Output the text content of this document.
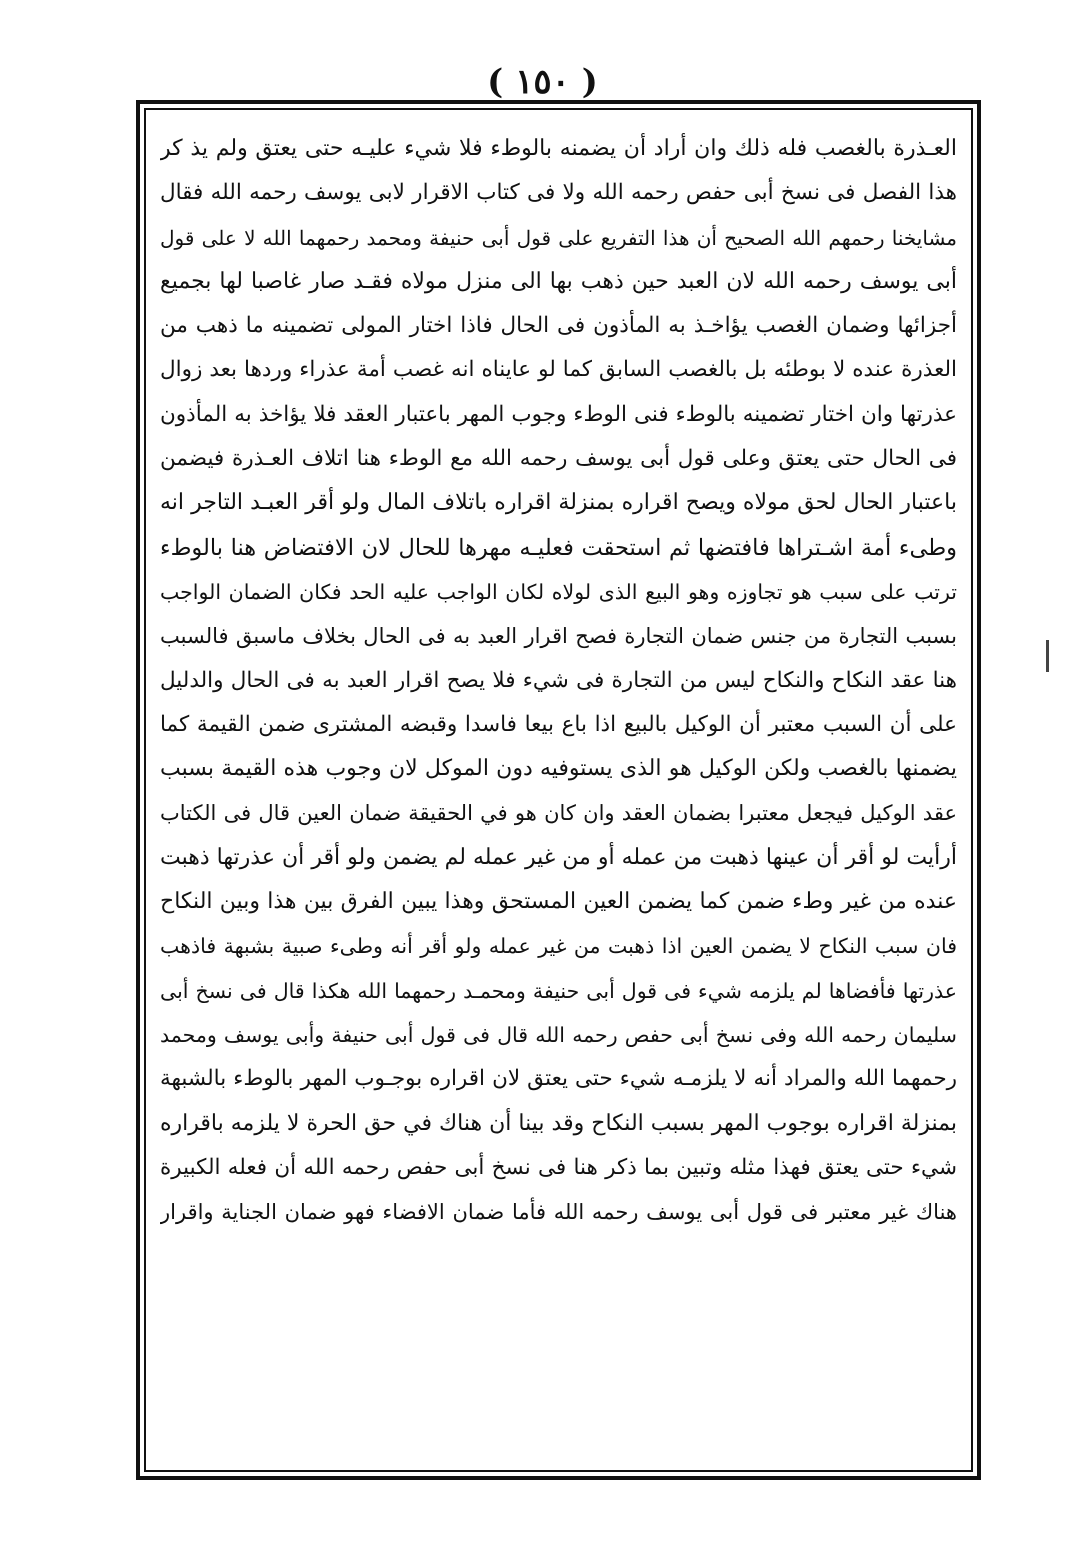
( ١٥٠ )
العـذرة بالغصب فله ذلك وان أراد أن يضمنه بالوطء فلا شيء عليـه حتى يعتق ولم يذ كر
هذا الفصل فى نسخ أبى حفص رحمه الله ولا فى كتاب الاقرار لابى يوسف رحمه الله فقال
مشايخنا رحمهم الله الصحيح أن هذا التفريع على قول أبى حنيفة ومحمد رحمهما الله لا على قول
أبى يوسف رحمه الله لان العبد حين ذهب بها الى منزل مولاه فقـد صار غاصبا لها بجميع
أجزائها وضمان الغصب يؤاخـذ به المأذون فى الحال فاذا اختار المولى تضمينه ما ذهب من
العذرة عنده لا بوطئه بل بالغصب السابق كما لو عايناه انه غصب أمة عذراء وردها بعد زوال
عذرتها وان اختار تضمينه بالوطء فنى الوطء وجوب المهر باعتبار العقد فلا يؤاخذ به المأذون
فى الحال حتى يعتق وعلى قول أبى يوسف رحمه الله مع الوطء هنا اتلاف العـذرة فيضمن
باعتبار الحال لحق مولاه ويصح اقراره بمنزلة اقراره باتلاف المال ولو أقر العبـد التاجر انه
وطىء أمة اشـتراها فافتضها ثم استحقت فعليـه مهرها للحال لان الافتضاض هنا بالوطء
ترتب على سبب هو تجاوزه وهو البيع الذى لولاه لكان الواجب عليه الحد فكان الضمان الواجب
بسبب التجارة من جنس ضمان التجارة فصح اقرار العبد به فى الحال بخلاف ماسبق فالسبب
هنا عقد النكاح والنكاح ليس من التجارة فى شيء فلا يصح اقرار العبد به فى الحال والدليل
على أن السبب معتبر أن الوكيل بالبيع اذا باع بيعا فاسدا وقبضه المشترى ضمن القيمة كما
يضمنها بالغصب ولكن الوكيل هو الذى يستوفيه دون الموكل لان وجوب هذه القيمة بسبب
عقد الوكيل فيجعل معتبرا بضمان العقد وان كان هو في الحقيقة ضمان العين قال فى الكتاب
أرأيت لو أقر أن عينها ذهبت من عمله أو من غير عمله لم يضمن ولو أقر أن عذرتها ذهبت
عنده من غير وطء ضمن كما يضمن العين المستحق وهذا يبين الفرق بين هذا وبين النكاح
فان سبب النكاح لا يضمن العين اذا ذهبت من غير عمله ولو أقر أنه وطىء صبية بشبهة فاذهب
عذرتها فأفضاها لم يلزمه شيء فى قول أبى حنيفة ومحمـد رحمهما الله هكذا قال فى نسخ أبى
سليمان رحمه الله وفى نسخ أبى حفص رحمه الله قال فى قول أبى حنيفة وأبى يوسف ومحمد
رحمهما الله والمراد أنه لا يلزمـه شيء حتى يعتق لان اقراره بوجـوب المهر بالوطء بالشبهة
بمنزلة اقراره بوجوب المهر بسبب النكاح وقد بينا أن هناك في حق الحرة لا يلزمه باقراره
شيء حتى يعتق فهذا مثله وتبين بما ذكر هنا فى نسخ أبى حفص رحمه الله أن فعله الكبيرة
هناك غير معتبر فى قول أبى يوسف رحمه الله فأما ضمان الافضاء فهو ضمان الجناية واقرار
